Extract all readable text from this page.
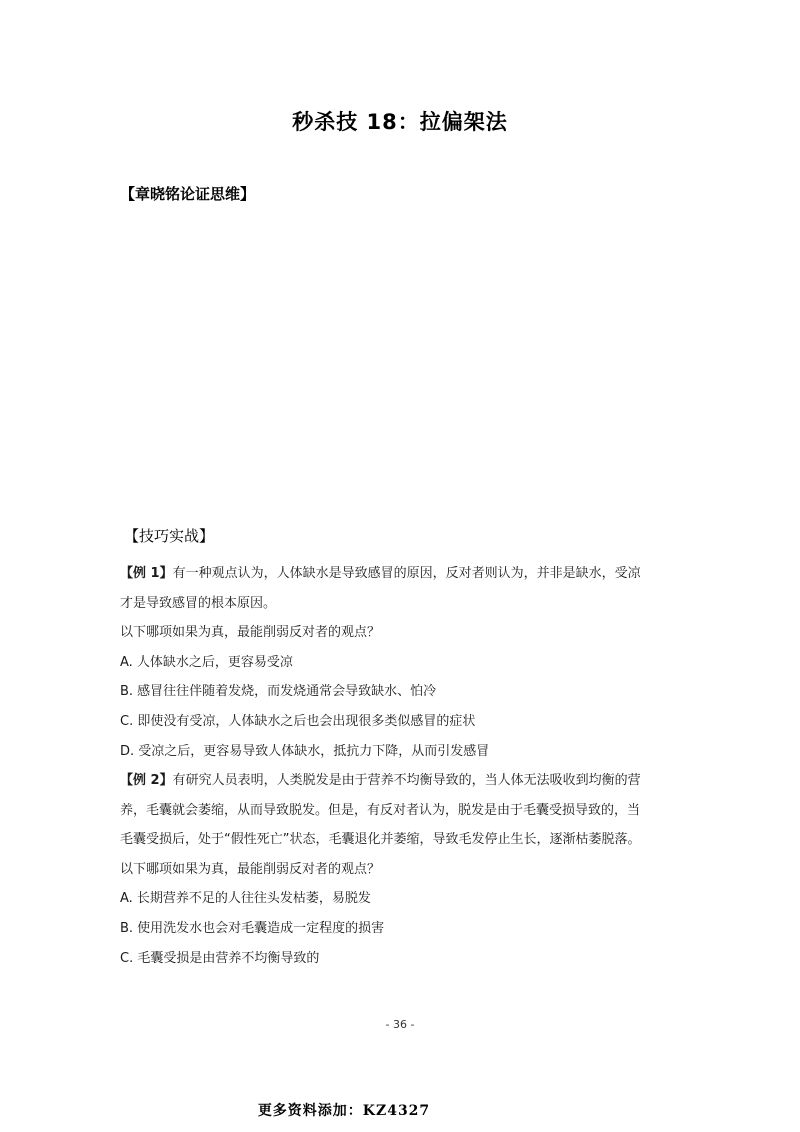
秒杀技 18：拉偏架法
【章晓铭论证思维】
【技巧实战】
【例 1】有一种观点认为，人体缺水是导致感冒的原因，反对者则认为，并非是缺水，受凉
才是导致感冒的根本原因。
以下哪项如果为真，最能削弱反对者的观点？
A. 人体缺水之后，更容易受凉
B. 感冒往往伴随着发烧，而发烧通常会导致缺水、怕冷
C. 即使没有受凉，人体缺水之后也会出现很多类似感冒的症状
D. 受凉之后，更容易导致人体缺水，抵抗力下降，从而引发感冒
【例 2】有研究人员表明，人类脱发是由于营养不均衡导致的，当人体无法吸收到均衡的营
养，毛囊就会萎缩，从而导致脱发。但是，有反对者认为，脱发是由于毛囊受损导致的，当
毛囊受损后，处于“假性死亡”状态，毛囊退化并萎缩，导致毛发停止生长，逐渐枯萎脱落。
以下哪项如果为真，最能削弱反对者的观点？
A. 长期营养不足的人往往头发枯萎，易脱发
B. 使用洗发水也会对毛囊造成一定程度的损害
C. 毛囊受损是由营养不均衡导致的
- 36 -
更多资料添加：KZ4327
